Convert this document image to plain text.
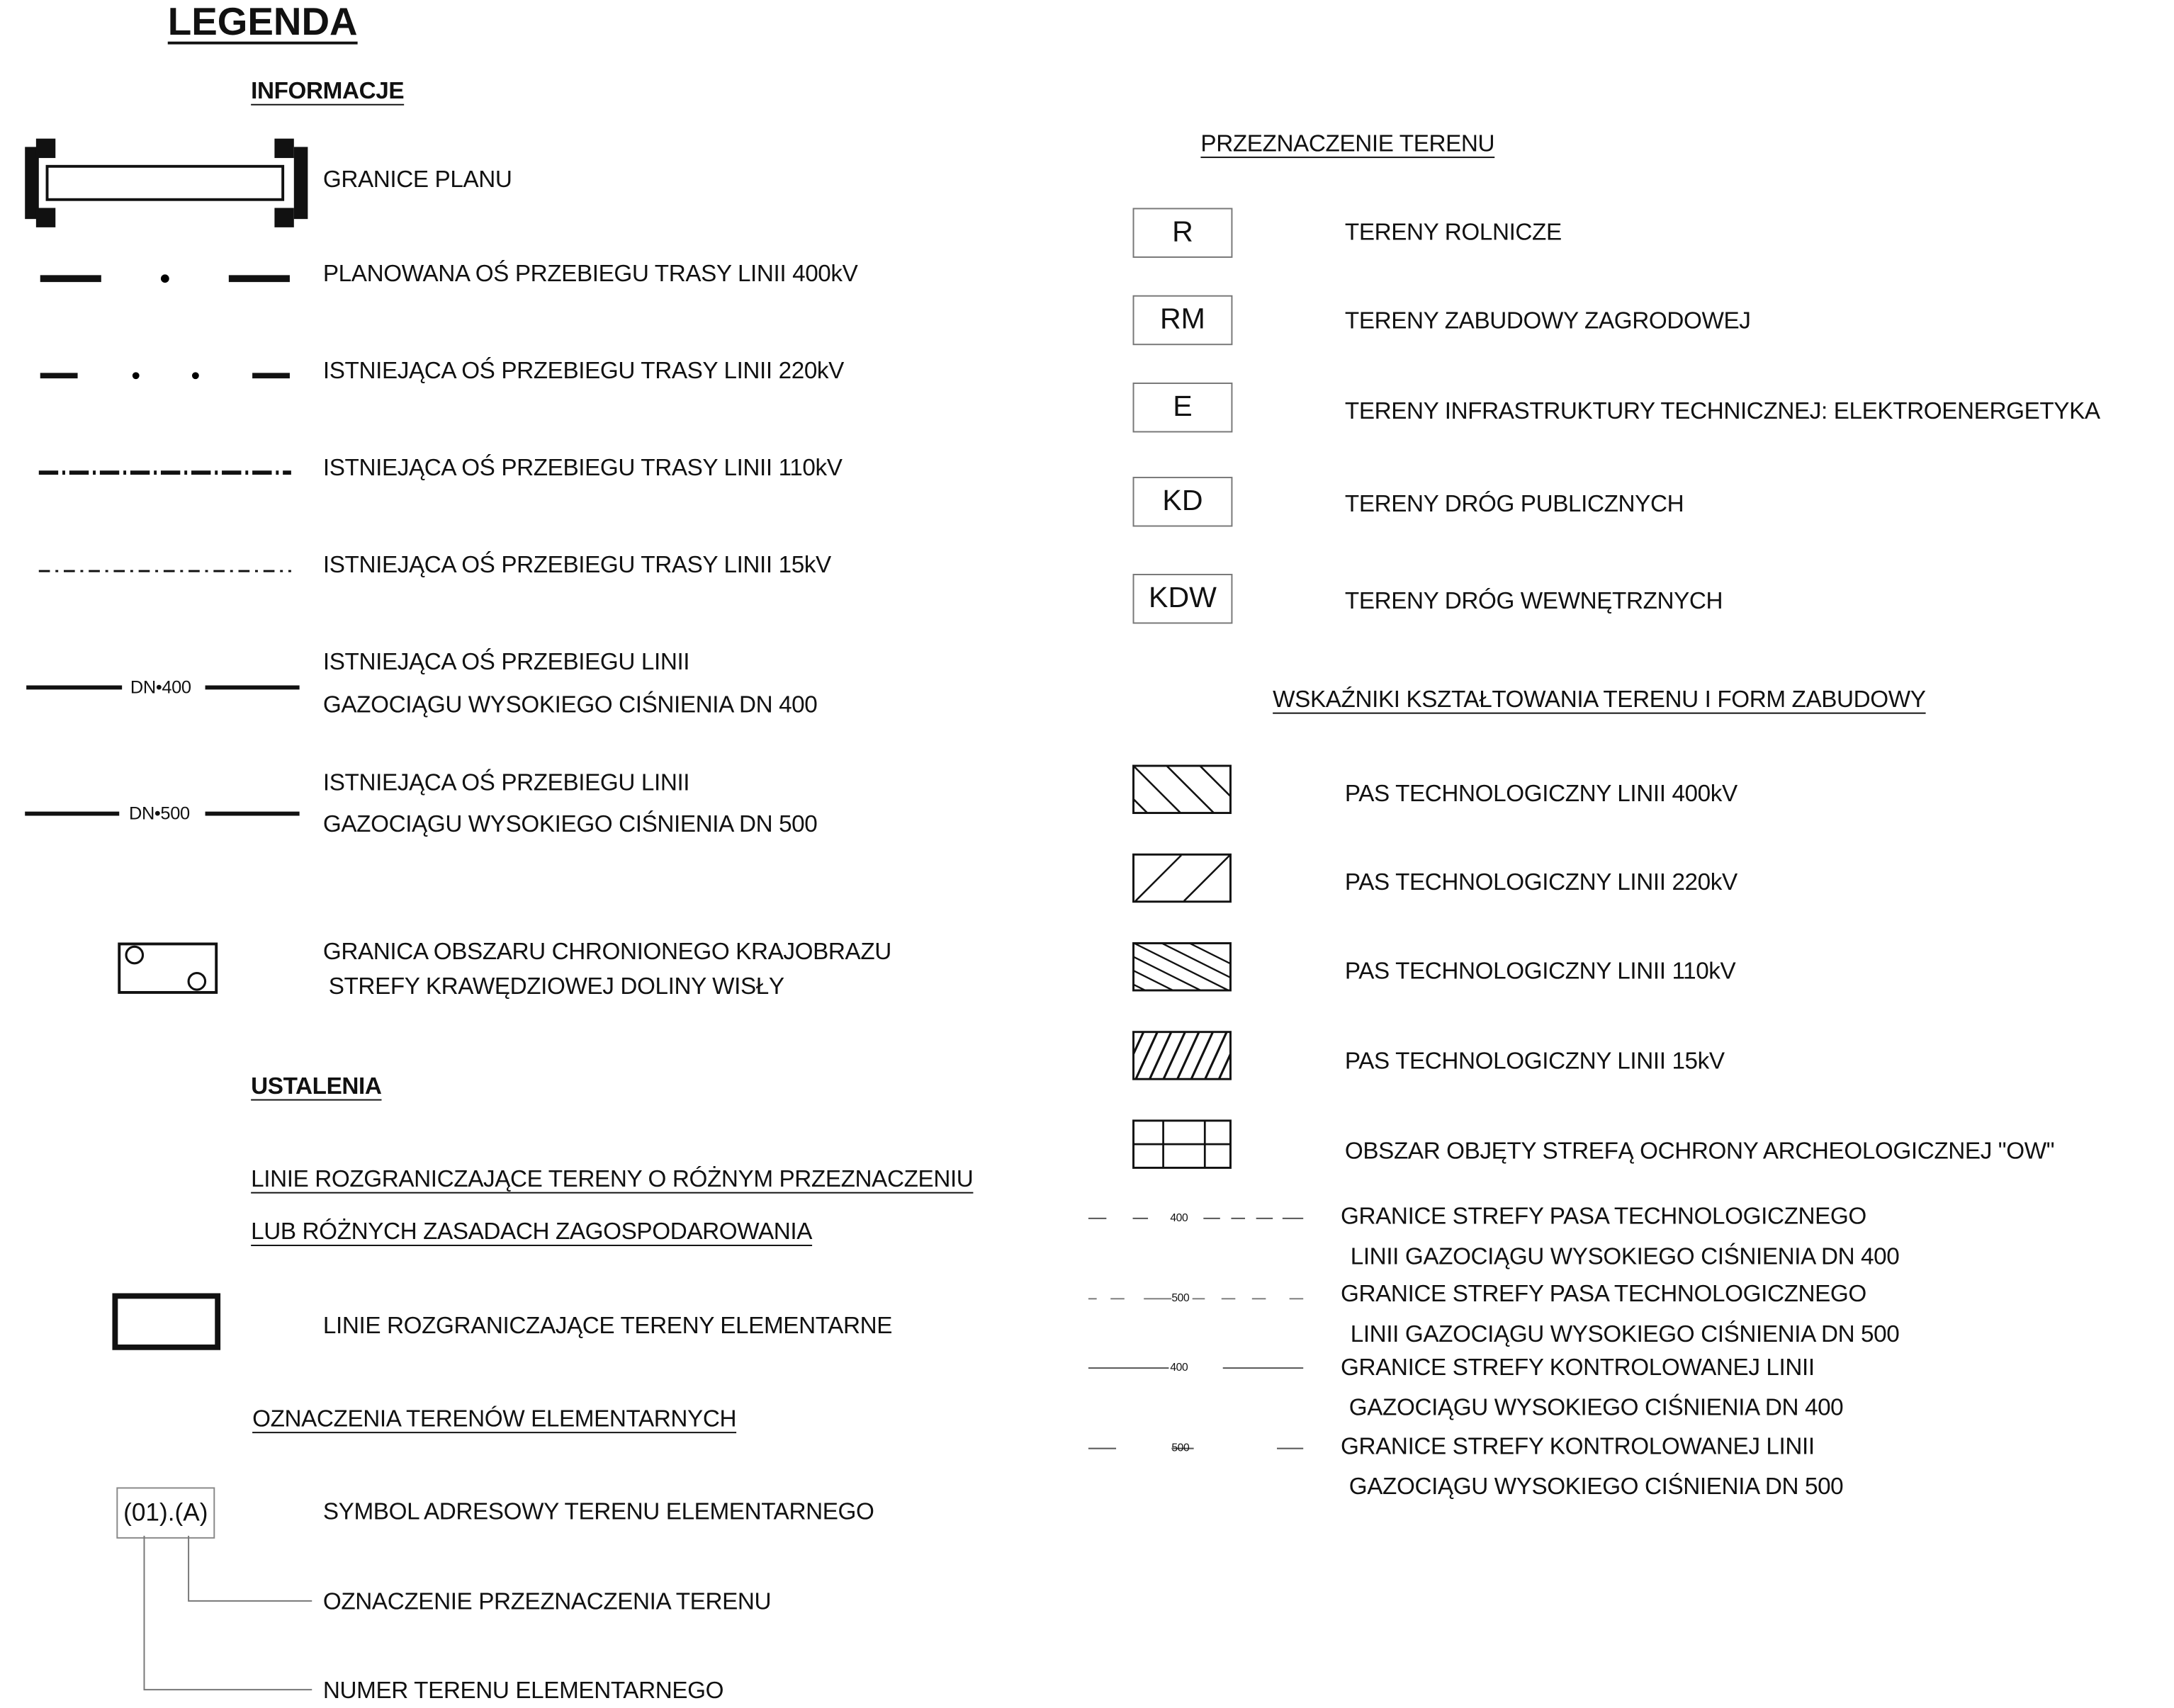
LEGENDA
INFORMACJE
GRANICE PLANU
PLANOWANA OŚ PRZEBIEGU TRASY LINII 400kV
ISTNIEJĄCA OŚ PRZEBIEGU TRASY LINII 220kV
ISTNIEJĄCA OŚ PRZEBIEGU TRASY LINII 110kV
ISTNIEJĄCA OŚ PRZEBIEGU TRASY LINII 15kV
DN•400
ISTNIEJĄCA OŚ PRZEBIEGU LINII
GAZOCIĄGU WYSOKIEGO CIŚNIENIA DN 400
DN•500
ISTNIEJĄCA OŚ PRZEBIEGU LINII
GAZOCIĄGU WYSOKIEGO CIŚNIENIA DN 500
GRANICA OBSZARU CHRONIONEGO KRAJOBRAZU
STREFY KRAWĘDZIOWEJ DOLINY WISŁY
USTALENIA
LINIE ROZGRANICZAJĄCE TERENY O RÓŻNYM PRZEZNACZENIU
LUB RÓŻNYCH ZASADACH ZAGOSPODAROWANIA
LINIE ROZGRANICZAJĄCE TERENY ELEMENTARNE
OZNACZENIA TERENÓW ELEMENTARNYCH
(01).(A)	SYMBOL ADRESOWY TERENU ELEMENTARNEGO
OZNACZENIE PRZEZNACZENIA TERENU
NUMER TERENU ELEMENTARNEGO
PRZEZNACZENIE TERENU
R	TERENY ROLNICZE
RM	TERENY ZABUDOWY ZAGRODOWEJ
E	TERENY INFRASTRUKTURY TECHNICZNEJ: ELEKTROENERGETYKA
KD	TERENY DRÓG PUBLICZNYCH
KDW	TERENY DRÓG WEWNĘTRZNYCH
WSKAŹNIKI KSZTAŁTOWANIA TERENU I FORM ZABUDOWY
PAS TECHNOLOGICZNY LINII 400kV
PAS TECHNOLOGICZNY LINII 220kV
PAS TECHNOLOGICZNY LINII 110kV
PAS TECHNOLOGICZNY LINII 15kV
OBSZAR OBJĘTY STREFĄ OCHRONY ARCHEOLOGICZNEJ "OW"
400	GRANICE STREFY PASA TECHNOLOGICZNEGO
LINII GAZOCIĄGU WYSOKIEGO CIŚNIENIA DN 400
500	GRANICE STREFY PASA TECHNOLOGICZNEGO
LINII GAZOCIĄGU WYSOKIEGO CIŚNIENIA DN 500
400	GRANICE STREFY KONTROLOWANEJ LINII
GAZOCIĄGU WYSOKIEGO CIŚNIENIA DN 400
500	GRANICE STREFY KONTROLOWANEJ LINII
GAZOCIĄGU WYSOKIEGO CIŚNIENIA DN 500
